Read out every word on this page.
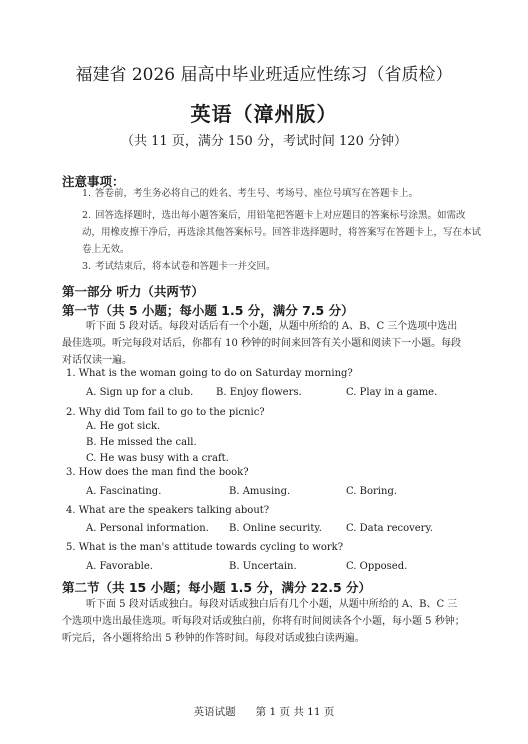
福建省 2026 届高中毕业班适应性练习（省质检）
英语（漳州版）
（共 11 页，满分 150 分，考试时间 120 分钟）
注意事项：
1. 答卷前，考生务必将自己的姓名、考生号、考场号、座位号填写在答题卡上。
2. 回答选择题时，选出每小题答案后，用铅笔把答题卡上对应题目的答案标号涂黑。如需改动，用橡皮擦干净后，再选涂其他答案标号。回答非选择题时，将答案写在答题卡上，写在本试卷上无效。
3. 考试结束后，将本试卷和答题卡一并交回。
第一部分 听力（共两节）
第一节（共 5 小题；每小题 1.5 分，满分 7.5 分）
听下面 5 段对话。每段对话后有一个小题，从题中所给的 A、B、C 三个选项中选出最佳选项。听完每段对话后，你都有 10 秒钟的时间来回答有关小题和阅读下一小题。每段对话仅读一遍。
1. What is the woman going to do on Saturday morning?
A. Sign up for a club. B. Enjoy flowers.	C. Play in a game.
2. Why did Tom fail to go to the picnic?
A. He got sick.
B. He missed the call.
C. He was busy with a craft.
3. How does the man find the book?
A. Fascinating.	B. Amusing.	C. Boring.
4. What are the speakers talking about?
A. Personal information. B. Online security. C. Data recovery.
5. What is the man's attitude towards cycling to work?
A. Favorable.	B. Uncertain.	C. Opposed.
第二节（共 15 小题；每小题 1.5 分，满分 22.5 分）
听下面 5 段对话或独白。每段对话或独白后有几个小题，从题中所给的 A、B、C 三个选项中选出最佳选项。听每段对话或独白前，你将有时间阅读各个小题，每小题 5 秒钟；听完后，各小题将给出 5 秒钟的作答时间。每段对话或独白读两遍。
英语试题 第 1 页 共 11 页
